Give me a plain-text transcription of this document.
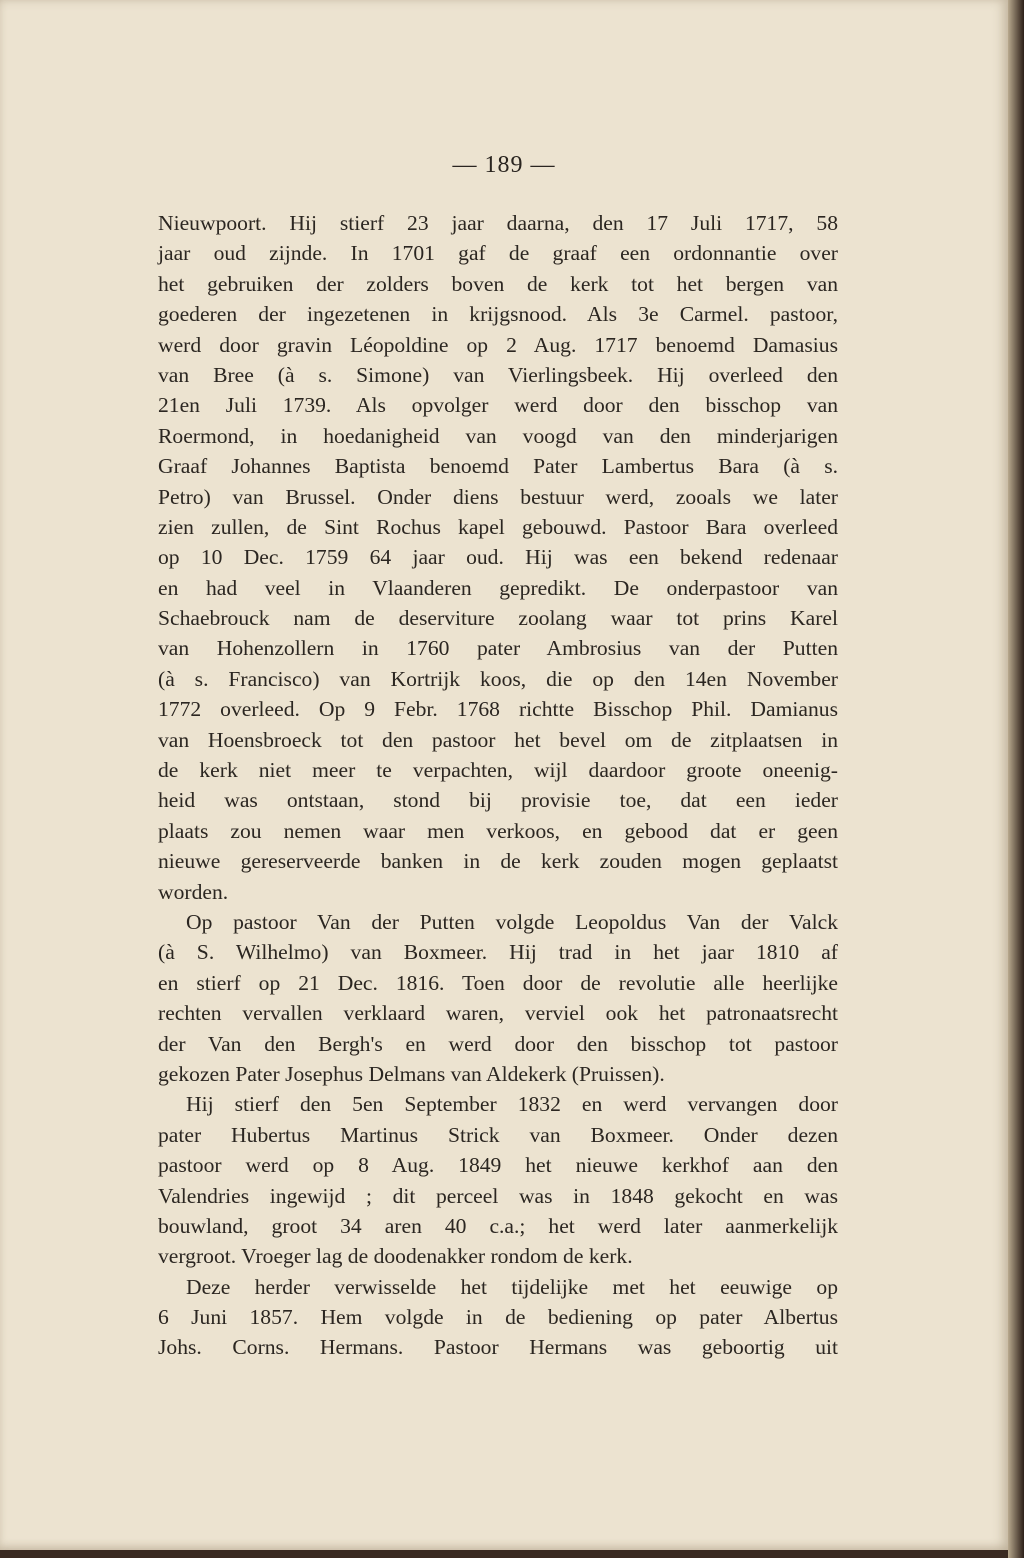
— 189 —
Nieuwpoort. Hij stierf 23 jaar daarna, den 17 Juli 1717, 58
jaar oud zijnde. In 1701 gaf de graaf een ordonnantie over
het gebruiken der zolders boven de kerk tot het bergen van
goederen der ingezetenen in krijgsnood. Als 3e Carmel. pastoor,
werd door gravin Léopoldine op 2 Aug. 1717 benoemd Damasius
van Bree (à s. Simone) van Vierlingsbeek. Hij overleed den
21en Juli 1739. Als opvolger werd door den bisschop van
Roermond, in hoedanigheid van voogd van den minderjarigen
Graaf Johannes Baptista benoemd Pater Lambertus Bara (à s.
Petro) van Brussel. Onder diens bestuur werd, zooals we later
zien zullen, de Sint Rochus kapel gebouwd. Pastoor Bara overleed
op 10 Dec. 1759 64 jaar oud. Hij was een bekend redenaar
en had veel in Vlaanderen gepredikt. De onderpastoor van
Schaebrouck nam de deserviture zoolang waar tot prins Karel
van Hohenzollern in 1760 pater Ambrosius van der Putten
(à s. Francisco) van Kortrijk koos, die op den 14en November
1772 overleed. Op 9 Febr. 1768 richtte Bisschop Phil. Damianus
van Hoensbroeck tot den pastoor het bevel om de zitplaatsen in
de kerk niet meer te verpachten, wijl daardoor groote oneenig-
heid was ontstaan, stond bij provisie toe, dat een ieder
plaats zou nemen waar men verkoos, en gebood dat er geen
nieuwe gereserveerde banken in de kerk zouden mogen geplaatst
worden.
Op pastoor Van der Putten volgde Leopoldus Van der Valck
(à S. Wilhelmo) van Boxmeer. Hij trad in het jaar 1810 af
en stierf op 21 Dec. 1816. Toen door de revolutie alle heerlijke
rechten vervallen verklaard waren, verviel ook het patronaatsrecht
der Van den Bergh's en werd door den bisschop tot pastoor
gekozen Pater Josephus Delmans van Aldekerk (Pruissen).
Hij stierf den 5en September 1832 en werd vervangen door
pater Hubertus Martinus Strick van Boxmeer. Onder dezen
pastoor werd op 8 Aug. 1849 het nieuwe kerkhof aan den
Valendries ingewijd ; dit perceel was in 1848 gekocht en was
bouwland, groot 34 aren 40 c.a.; het werd later aanmerkelijk
vergroot. Vroeger lag de doodenakker rondom de kerk.
Deze herder verwisselde het tijdelijke met het eeuwige op
6 Juni 1857. Hem volgde in de bediening op pater Albertus
Johs. Corns. Hermans. Pastoor Hermans was geboortig uit
